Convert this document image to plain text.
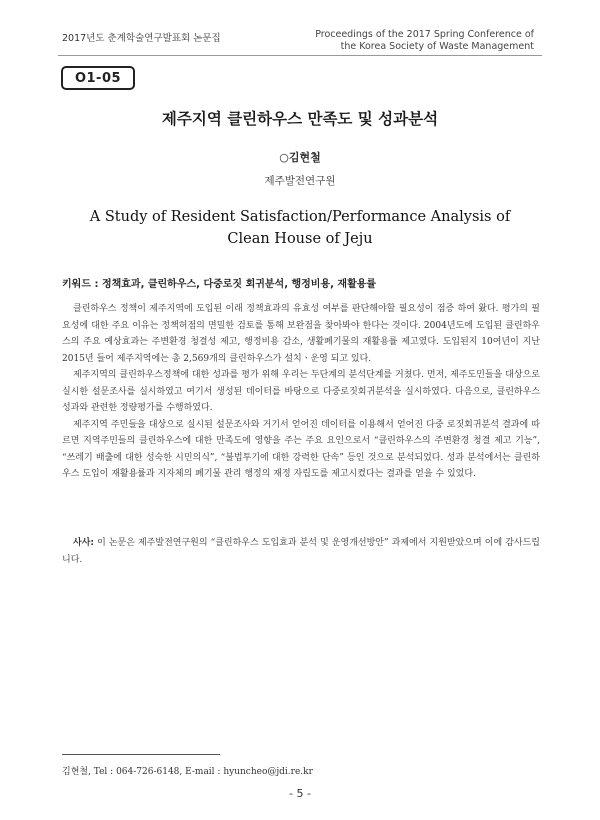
2017년도 춘계학술연구발표회 논문집	Proceedings of the 2017 Spring Conference of
the Korea Society of Waste Management
O1-05
제주지역 클린하우스 만족도 및 성과분석
○김현철
제주발전연구원
A Study of Resident Satisfaction/Performance Analysis of
Clean House of Jeju
키워드 : 정책효과, 클린하우스, 다중로짓 회귀분석, 행정비용, 재활용률

클린하우스 정책이 제주지역에 도입된 이래 정책효과의 유효성 여부를 판단해야할 필요성이 점증 하여 왔다. 평가의 필요성에 대한 주요 이유는 정책허점의 면밀한 검토를 통해 보완점을 찾아봐야 한다는 것이다. 2004년도에 도입된 클린하우스의 주요 예상효과는 주변환경 청결성 제고, 행정비용 감소, 생활폐기물의 재활용률 제고였다. 도입된지 10여년이 지난 2015년 들어 제주지역에는 총 2,569개의 클린하우스가 설치ㆍ운영 되고 있다.

제주지역의 클린하우스정책에 대한 성과를 평가 위해 우리는 두단계의 분석단계를 거쳤다. 먼저, 제주도민들을 대상으로 실시한 설문조사를 실시하였고 여기서 생성된 데이터를 바탕으로 다중로짓회귀분석을 실시하였다. 다음으로, 클린하우스 성과와 관련한 정량평가를 수행하였다.

제주지역 주민들을 대상으로 실시된 설문조사와 거기서 얻어진 데이터를 이용해서 얻어진 다중 로짓회귀분석 결과에 따르면 지역주민들의 클린하우스에 대한 만족도에 영향을 주는 주요 요인으로서 “클린하우스의 주변환경 청결 제고 기능”, “쓰레기 배출에 대한 성숙한 시민의식”, “불법투기에 대한 강력한 단속” 등인 것으로 분석되었다. 성과 분석에서는 클린하우스 도입이 재활용률과 지자체의 폐기물 관리 행정의 재정 자립도를 제고시켰다는 결과를 얻을 수 있었다.

사사: 이 논문은 제주발전연구원의 “클린하우스 도입효과 분석 및 운영개선방안” 과제에서 지원받았으며 이에 감사드립니다.
김현철, Tel : 064-726-6148, E-mail : hyuncheo@jdi.re.kr
- 5 -
